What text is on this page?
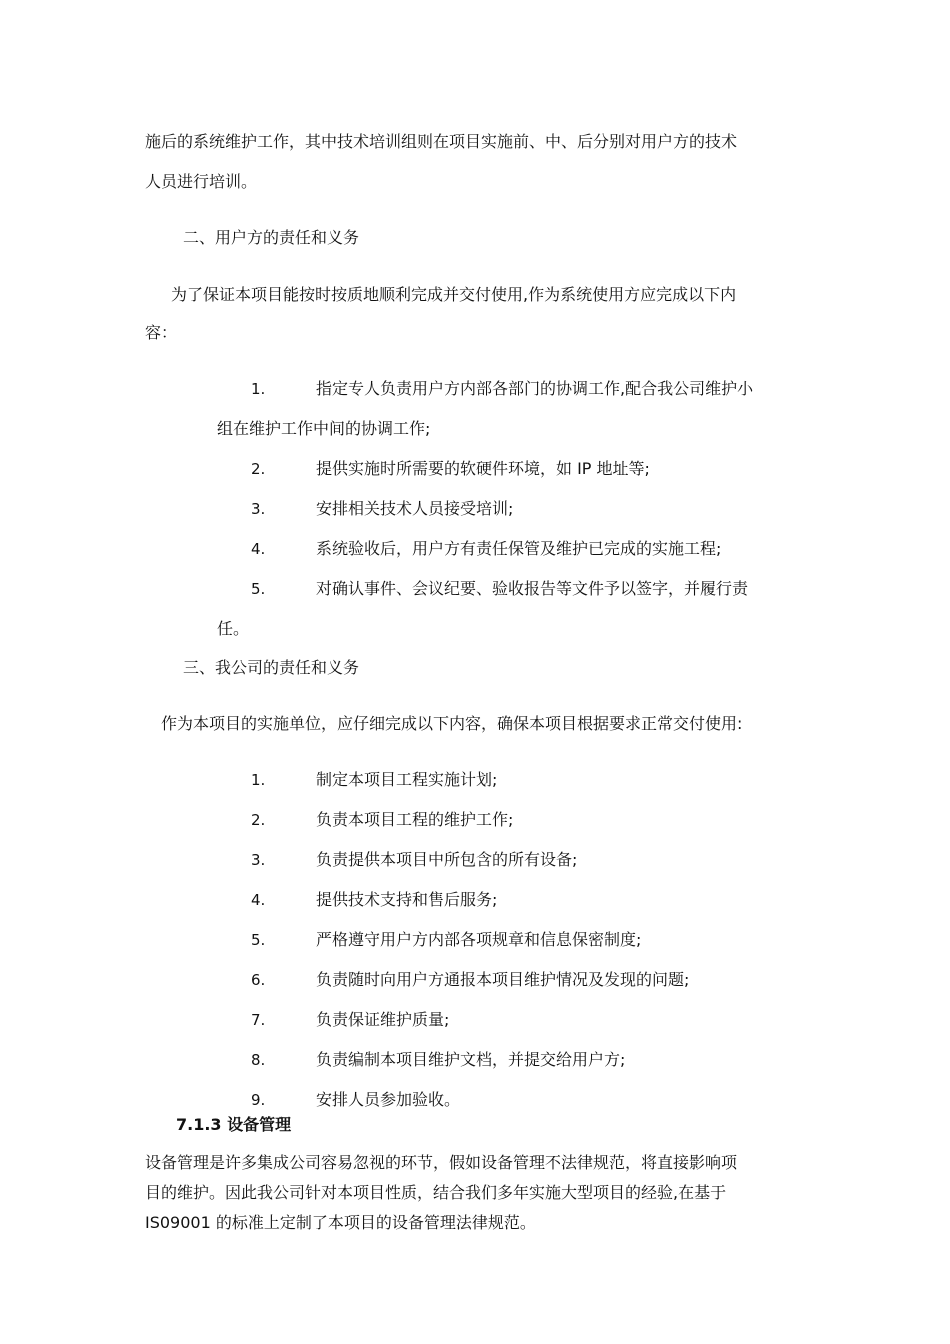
施后的系统维护工作，其中技术培训组则在项目实施前、中、后分别对用户方的技术
人员进行培训。
二、用户方的责任和义务
为了保证本项目能按时按质地顺利完成并交付使用,作为系统使用方应完成以下内
容：
1.	指定专人负责用户方内部各部门的协调工作,配合我公司维护小
组在维护工作中间的协调工作;
2.	提供实施时所需要的软硬件环境，如 IP 地址等;
3.	安排相关技术人员接受培训;
4.	系统验收后，用户方有责任保管及维护已完成的实施工程;
5.	对确认事件、会议纪要、验收报告等文件予以签字，并履行责
任。
三、我公司的责任和义务
作为本项目的实施单位，应仔细完成以下内容，确保本项目根据要求正常交付使用:
1.	制定本项目工程实施计划;
2.	负责本项目工程的维护工作;
3.	负责提供本项目中所包含的所有设备;
4.	提供技术支持和售后服务;
5.	严格遵守用户方内部各项规章和信息保密制度;
6.	负责随时向用户方通报本项目维护情况及发现的问题;
7.	负责保证维护质量;
8.	负责编制本项目维护文档，并提交给用户方;
9.	安排人员参加验收。
7.1.3 设备管理
设备管理是许多集成公司容易忽视的环节，假如设备管理不法律规范，将直接影响项
目的维护。因此我公司针对本项目性质，结合我们多年实施大型项目的经验,在基于
IS09001 的标准上定制了本项目的设备管理法律规范。
